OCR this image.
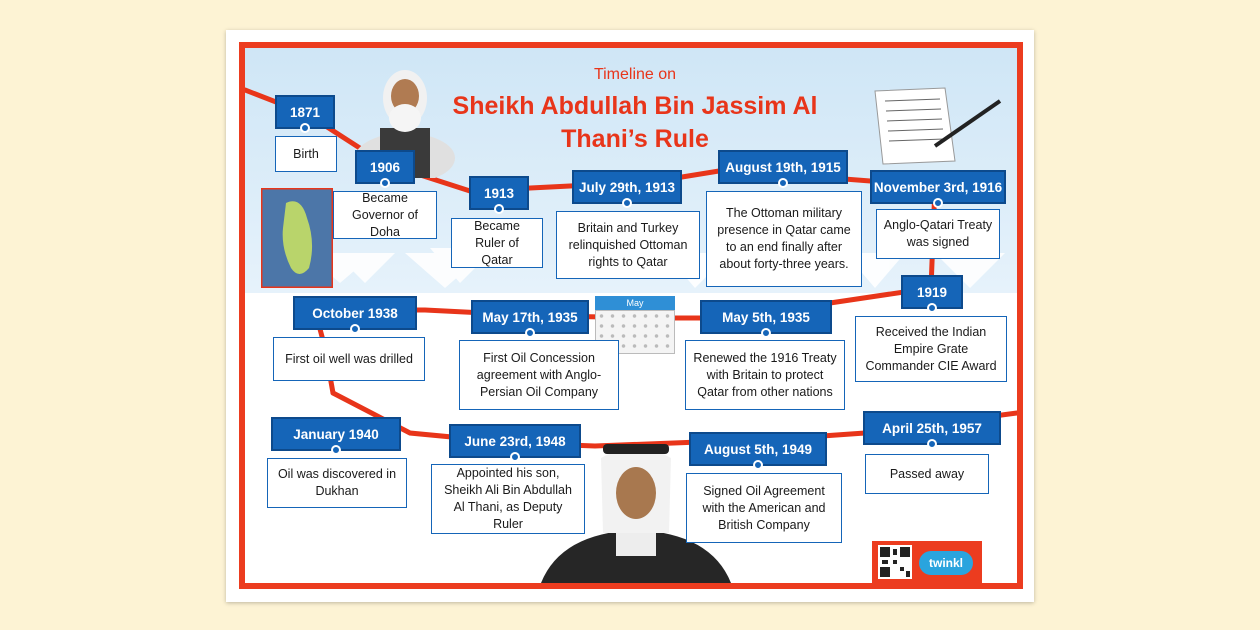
Timeline on
Sheikh Abdullah Bin Jassim Al
Thani’s Rule
May
1871
Birth
1906
Became Governor of Doha
1913
Became Ruler of Qatar
July 29th, 1913
Britain and Turkey relinquished Ottoman rights to Qatar
August 19th, 1915
The Ottoman military presence in Qatar came to an end finally after about forty-three years.
November 3rd, 1916
Anglo-Qatari Treaty was signed
1919
Received the Indian Empire Grate Commander CIE Award
May 5th, 1935
Renewed the 1916 Treaty with Britain to protect Qatar from other nations
May 17th, 1935
First Oil Concession agreement with Anglo-Persian Oil Company
October 1938
First oil well was drilled
January 1940
Oil was discovered in Dukhan
June 23rd, 1948
Appointed his son, Sheikh Ali Bin Abdullah Al Thani, as Deputy Ruler
August 5th, 1949
Signed Oil Agreement with the American and British Company
April 25th, 1957
Passed away
twinkl
